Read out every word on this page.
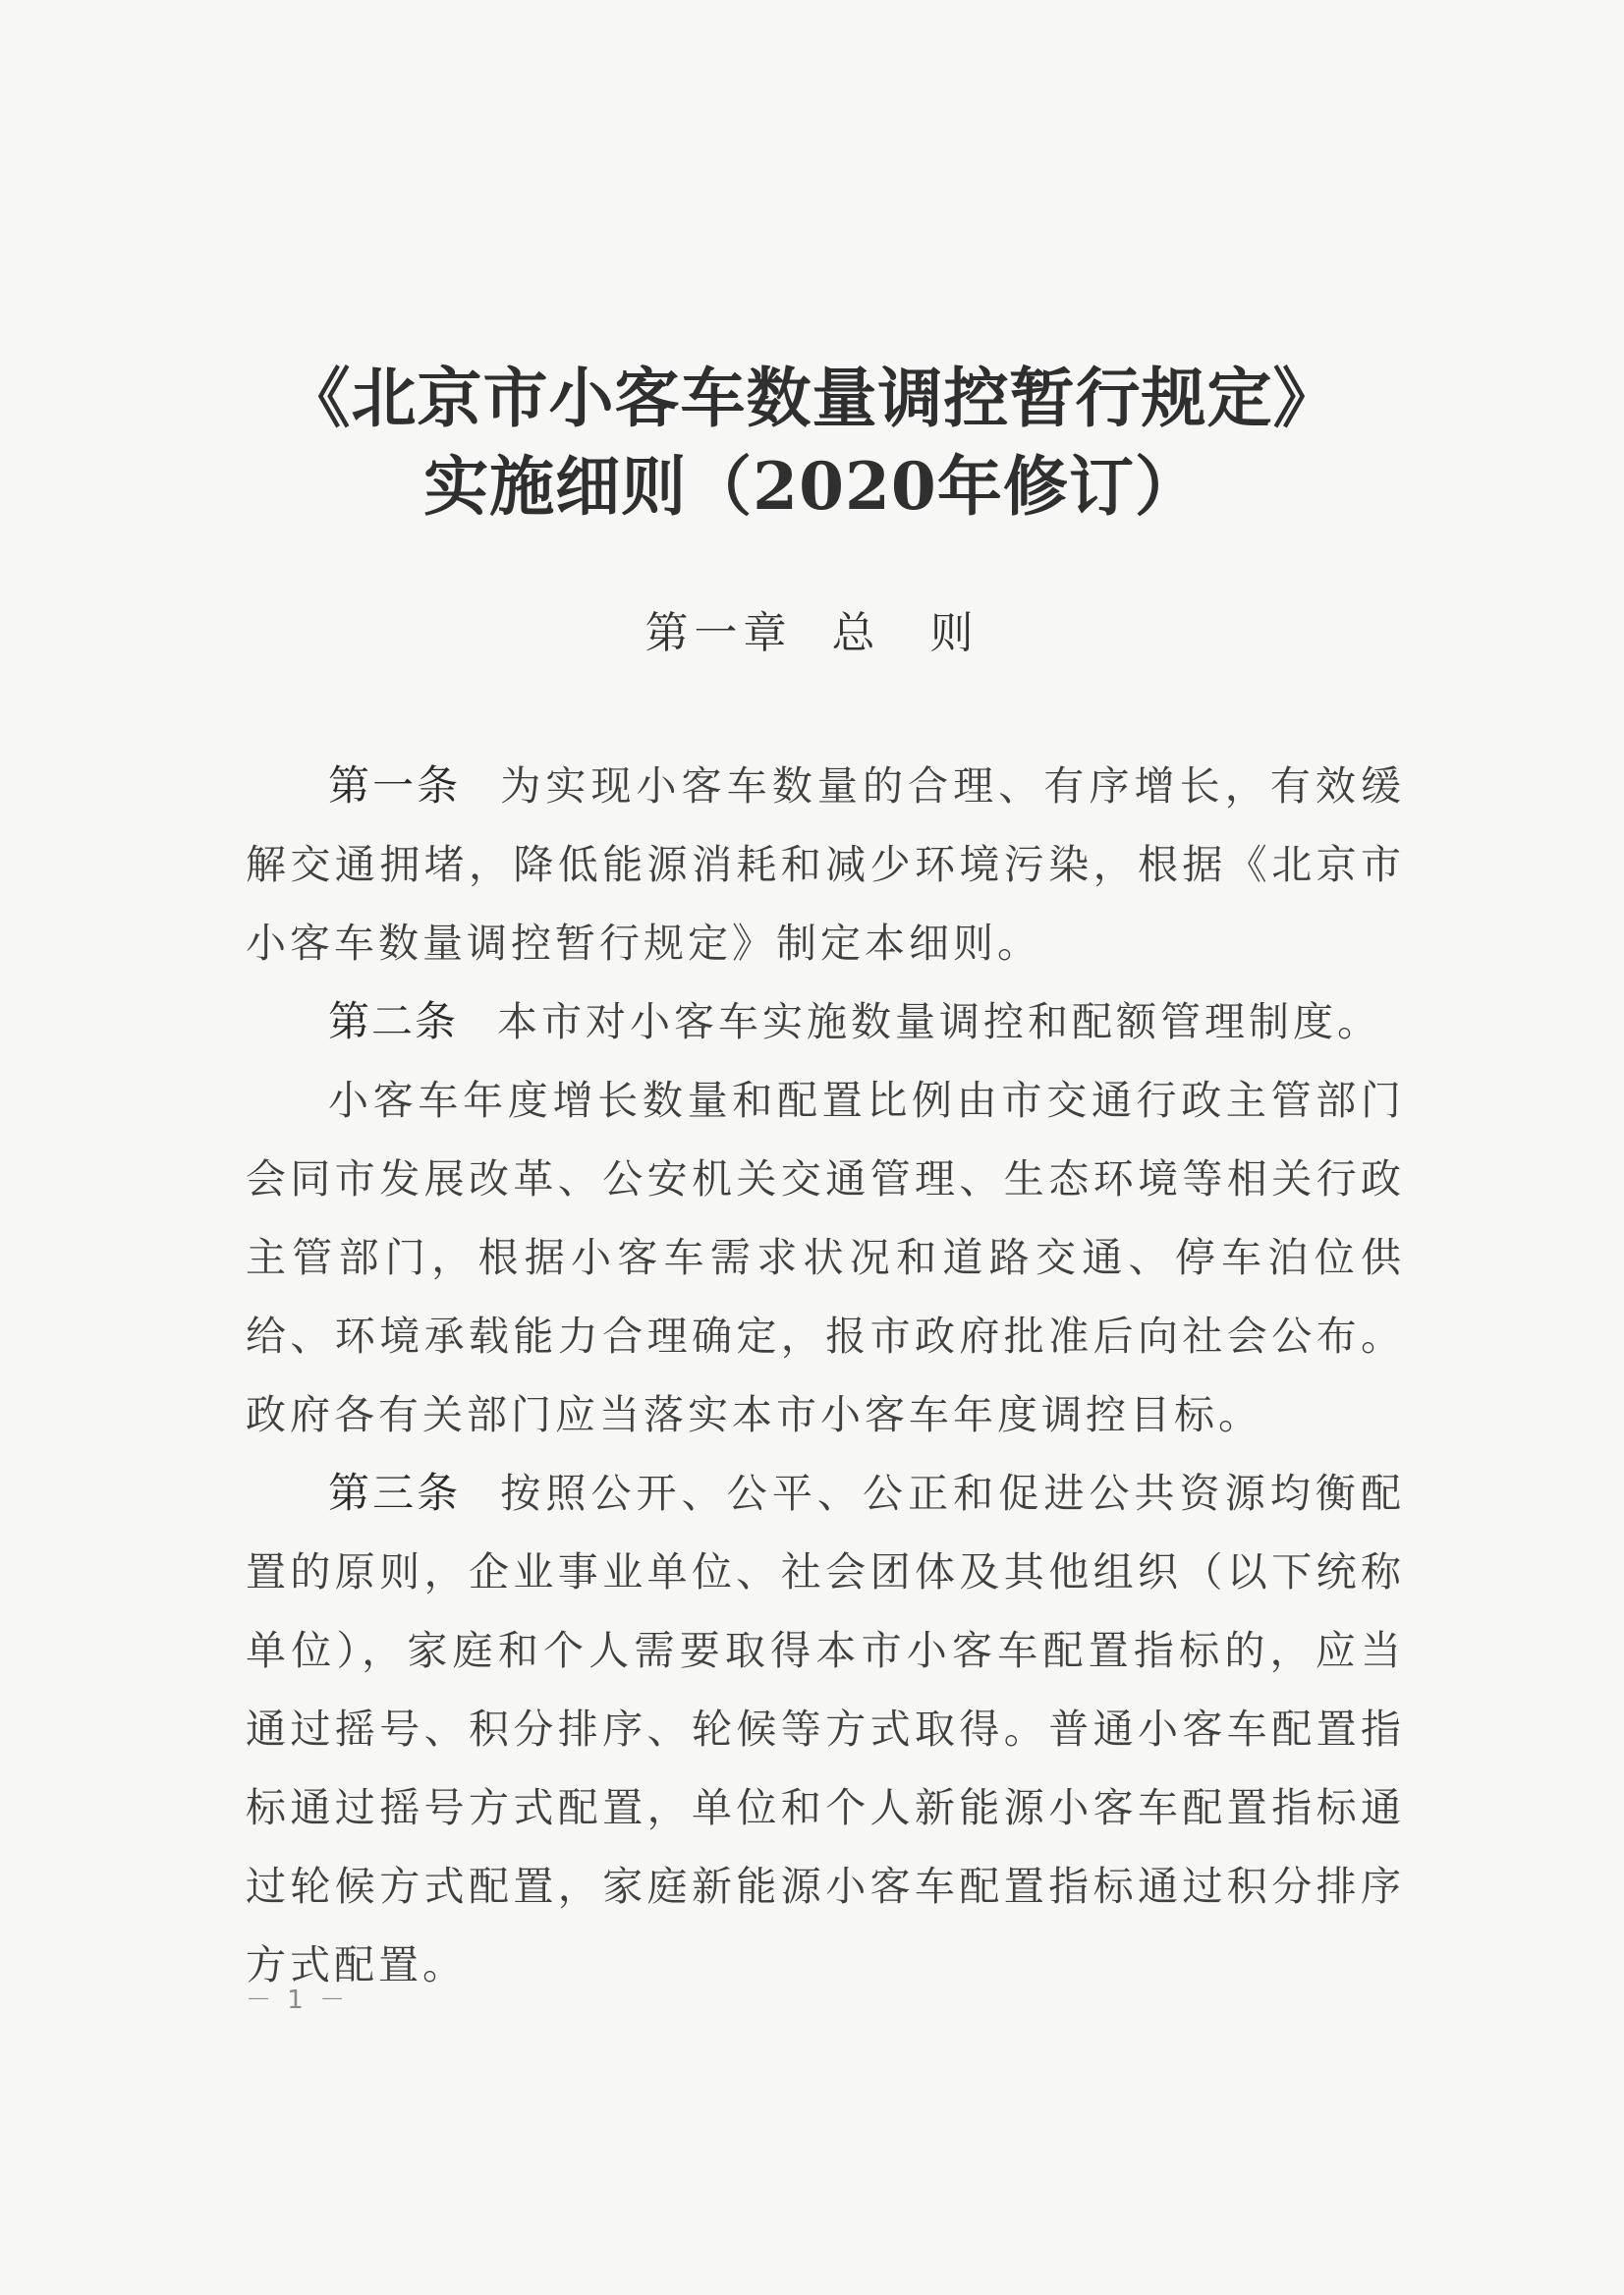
《北京市小客车数量调控暂行规定》
实施细则（2020年修订）
第一章 总　则

第一条 为实现小客车数量的合理、有序增长，有效缓解交通拥堵，降低能源消耗和减少环境污染，根据《北京市小客车数量调控暂行规定》制定本细则。

第二条 本市对小客车实施数量调控和配额管理制度。

小客车年度增长数量和配置比例由市交通行政主管部门会同市发展改革、公安机关交通管理、生态环境等相关行政主管部门，根据小客车需求状况和道路交通、停车泊位供给、环境承载能力合理确定，报市政府批准后向社会公布。政府各有关部门应当落实本市小客车年度调控目标。

第三条 按照公开、公平、公正和促进公共资源均衡配置的原则，企业事业单位、社会团体及其他组织（以下统称单位），家庭和个人需要取得本市小客车配置指标的，应当通过摇号、积分排序、轮候等方式取得。普通小客车配置指标通过摇号方式配置，单位和个人新能源小客车配置指标通过轮候方式配置，家庭新能源小客车配置指标通过积分排序方式配置。

－ 1 －
